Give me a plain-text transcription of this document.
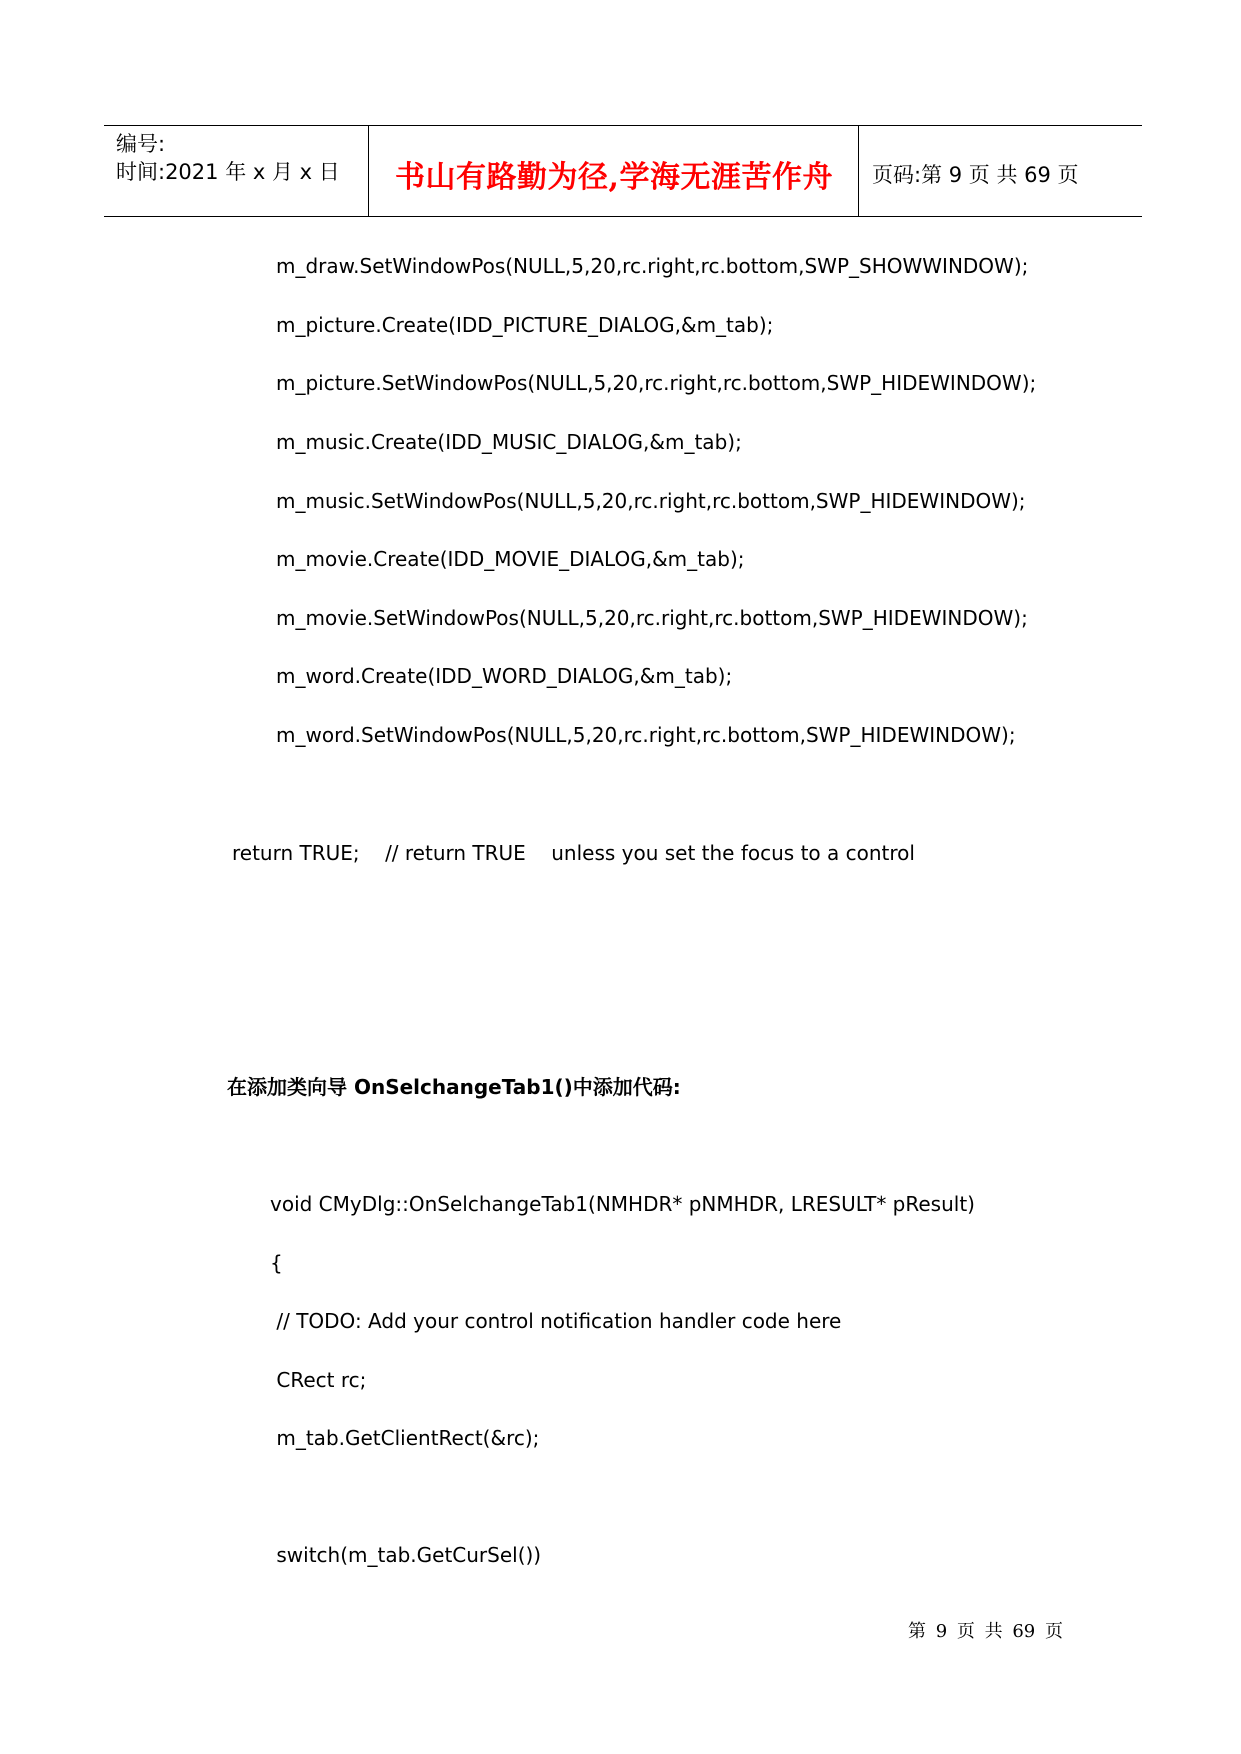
编号:
时间:2021 年 x 月 x 日	书山有路勤为径,学海无涯苦作舟	页码:第 9 页 共 69 页
m_draw.SetWindowPos(NULL,5,20,rc.right,rc.bottom,SWP_SHOWWINDOW);
m_picture.Create(IDD_PICTURE_DIALOG,&m_tab);
m_picture.SetWindowPos(NULL,5,20,rc.right,rc.bottom,SWP_HIDEWINDOW);
m_music.Create(IDD_MUSIC_DIALOG,&m_tab);
m_music.SetWindowPos(NULL,5,20,rc.right,rc.bottom,SWP_HIDEWINDOW);
m_movie.Create(IDD_MOVIE_DIALOG,&m_tab);
m_movie.SetWindowPos(NULL,5,20,rc.right,rc.bottom,SWP_HIDEWINDOW);
m_word.Create(IDD_WORD_DIALOG,&m_tab);
m_word.SetWindowPos(NULL,5,20,rc.right,rc.bottom,SWP_HIDEWINDOW);
return TRUE;    // return TRUE    unless you set the focus to a control
在添加类向导 OnSelchangeTab1()中添加代码:
void CMyDlg::OnSelchangeTab1(NMHDR* pNMHDR, LRESULT* pResult)
{
// TODO: Add your control notification handler code here
CRect rc;
m_tab.GetClientRect(&rc);
switch(m_tab.GetCurSel())
第 9 页 共 69 页
